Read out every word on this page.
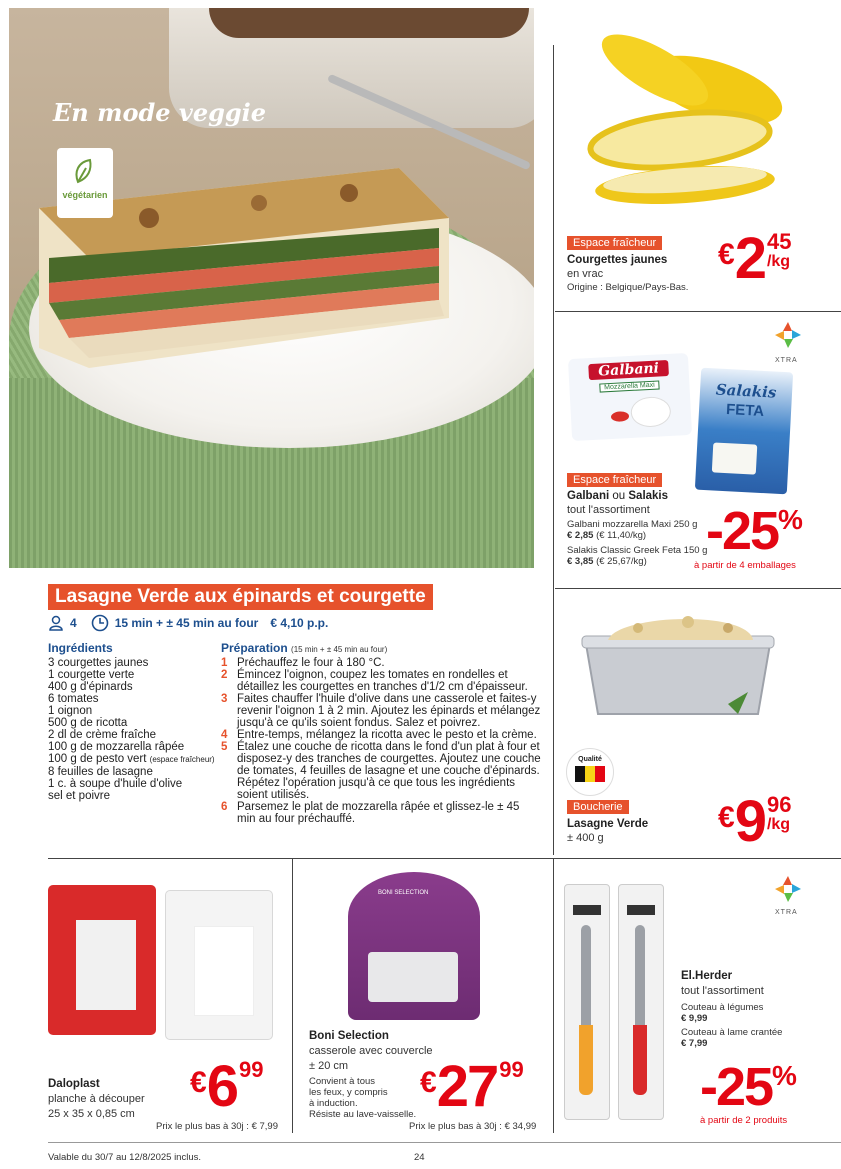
En mode veggie
végétarien
Lasagne Verde aux épinards et courgette
4	15 min + ± 45 min au four € 4,10 p.p.
Ingrédients
3 courgettes jaunes
1 courgette verte
400 g d'épinards
6 tomates
1 oignon
500 g de ricotta
2 dl de crème fraîche
100 g de mozzarella râpée
100 g de pesto vert (espace fraîcheur)
8 feuilles de lasagne
1 c. à soupe d'huile d'olive
sel et poivre
Préparation (15 min + ± 45 min au four)
1 Préchauffez le four à 180 °C.
2 Émincez l'oignon, coupez les tomates en rondelles et détaillez les courgettes en tranches d'1/2 cm d'épaisseur.
3 Faites chauffer l'huile d'olive dans une casserole et faites-y revenir l'oignon 1 à 2 min. Ajoutez les épinards et mélangez jusqu'à ce qu'ils soient fondus. Salez et poivrez.
4 Entre-temps, mélangez la ricotta avec le pesto et la crème.
5 Étalez une couche de ricotta dans le fond d'un plat à four et disposez-y des tranches de courgettes. Ajoutez une couche de tomates, 4 feuilles de lasagne et une couche d'épinards. Répétez l'opération jusqu'à ce que tous les ingrédients soient utilisés.
6 Parsemez le plat de mozzarella râpée et glissez-le ± 45 min au four préchauffé.
Espace fraîcheur
Courgettes jaunes
en vrac
Origine : Belgique/Pays-Bas.
€ 2 45
/kg
XTRA
Galbani
Mozzarella Maxi	Salakis
FETA
Espace fraîcheur
Galbani ou Salakis
tout l'assortiment
Galbani mozzarella Maxi 250 g
€ 2,85 (€ 11,40/kg)
Salakis Classic Greek Feta 150 g
€ 3,85 (€ 25,67/kg)
-25 %
à partir de 4 emballages
Qualité
Boucherie
Lasagne Verde
± 400 g
€ 9 96
/kg
Daloplast
planche à découper
25 x 35 x 0,85 cm
€ 6 99
Prix le plus bas à 30j : € 7,99
BONI SELECTION
Boni Selection
casserole avec couvercle
± 20 cm
Convient à tous
les feux, y compris
à induction.
Résiste au lave-vaisselle.
€ 27 99
Prix le plus bas à 30j : € 34,99
XTRA
El.Herder
tout l'assortiment
Couteau à légumes
€ 9,99
Couteau à lame crantée
€ 7,99
-25 %
à partir de 2 produits
Valable du 30/7 au 12/8/2025 inclus.	24
